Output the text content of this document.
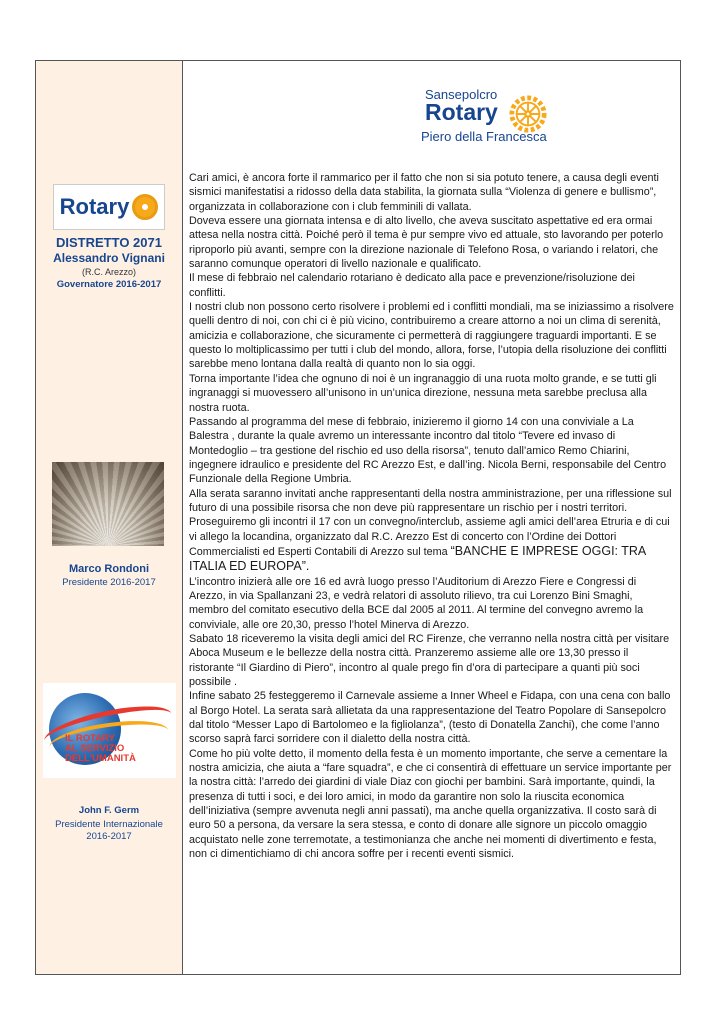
Rotary
DISTRETTO 2071
Alessandro Vignani
(R.C. Arezzo)
Governatore 2016-2017
Marco Rondoni
Presidente 2016-2017
IL ROTARY
AL SERVIZIO
DELL'UMANITÀ
John F. Germ
Presidente Internazionale
2016-2017
Sansepolcro
Rotary
Piero della Francesca

Cari amici, è ancora forte il rammarico per il fatto che non si sia potuto tenere, a causa degli eventi sismici manifestatisi a ridosso della data stabilita, la giornata sulla “Violenza di genere e bullismo”, organizzata in collaborazione con i club femminili di vallata.

Doveva essere una giornata intensa e di alto livello, che aveva suscitato aspettative ed era ormai attesa nella nostra città. Poiché però il tema è pur sempre vivo ed attuale, sto lavorando per poterlo riproporlo più avanti, sempre con la direzione nazionale di Telefono Rosa, o variando i relatori, che saranno comunque operatori di livello nazionale e qualificato.

Il mese di febbraio nel calendario rotariano è dedicato alla pace e prevenzione/risoluzione dei conflitti.

I nostri club non possono certo risolvere i problemi ed i conflitti mondiali, ma se iniziassimo a risolvere quelli dentro di noi, con chi ci è più vicino, contribuiremo a creare attorno a noi un clima di serenità, amicizia e collaborazione, che sicuramente ci permetterà di raggiungere traguardi importanti. E se questo lo moltiplicassimo per tutti i club del mondo, allora, forse, l’utopia della risoluzione dei conflitti sarebbe meno lontana dalla realtà di quanto non lo sia oggi.

Torna importante l’idea che ognuno di noi è un ingranaggio di una ruota molto grande, e se tutti gli ingranaggi si muovessero all’unisono in un’unica direzione, nessuna meta sarebbe preclusa alla nostra ruota.

Passando al programma del mese di febbraio, inizieremo il giorno 14 con una conviviale a La Balestra , durante la quale avremo un interessante incontro dal titolo “Tevere ed invaso di Montedoglio – tra gestione del rischio ed uso della risorsa”, tenuto dall’amico Remo Chiarini, ingegnere idraulico e presidente del RC Arezzo Est, e dall’ing. Nicola Berni, responsabile del Centro Funzionale della Regione Umbria.

Alla serata saranno invitati anche rappresentanti della nostra amministrazione, per una riflessione sul futuro di una possibile risorsa che non deve più rappresentare un rischio per i nostri territori.

Proseguiremo gli incontri il 17 con un convegno/interclub, assieme agli amici dell’area Etruria e di cui vi allego la locandina, organizzato dal R.C. Arezzo Est di concerto con l’Ordine dei Dottori Commercialisti ed Esperti Contabili di Arezzo sul tema “BANCHE E IMPRESE OGGI: TRA ITALIA ED EUROPA”.

L’incontro inizierà alle ore 16 ed avrà luogo presso l’Auditorium di Arezzo Fiere e Congressi di Arezzo, in via Spallanzani 23, e vedrà relatori di assoluto rilievo, tra cui Lorenzo Bini Smaghi, membro del comitato esecutivo della BCE dal 2005 al 2011. Al termine del convegno avremo la conviviale, alle ore 20,30, presso l’hotel Minerva di Arezzo.

Sabato 18 riceveremo la visita degli amici del RC Firenze, che verranno nella nostra città per visitare Aboca Museum e le bellezze della nostra città. Pranzeremo assieme alle ore 13,30 presso il ristorante “Il Giardino di Piero”, incontro al quale prego fin d’ora di partecipare a quanti più soci possibile .

Infine sabato 25 festeggeremo il Carnevale assieme a Inner Wheel e Fidapa, con una cena con ballo al Borgo Hotel. La serata sarà allietata da una rappresentazione del Teatro Popolare di Sansepolcro dal titolo “Messer Lapo di Bartolomeo e la figliolanza”, (testo di Donatella Zanchi), che come l’anno scorso saprà farci sorridere con il dialetto della nostra città.

Come ho più volte detto, il momento della festa è un momento importante, che serve a cementare la nostra amicizia, che aiuta a “fare squadra”, e che ci consentirà di effettuare un service importante per la nostra città: l’arredo dei giardini di viale Diaz con giochi per bambini. Sarà importante, quindi, la presenza di tutti i soci, e dei loro amici, in modo da garantire non solo la riuscita economica dell’iniziativa (sempre avvenuta negli anni passati), ma anche quella organizzativa. Il costo sarà di euro 50 a persona, da versare la sera stessa, e conto di donare alle signore un piccolo omaggio acquistato nelle zone terremotate, a testimonianza che anche nei momenti di divertimento e festa, non ci dimentichiamo di chi ancora soffre per i recenti eventi sismici.
